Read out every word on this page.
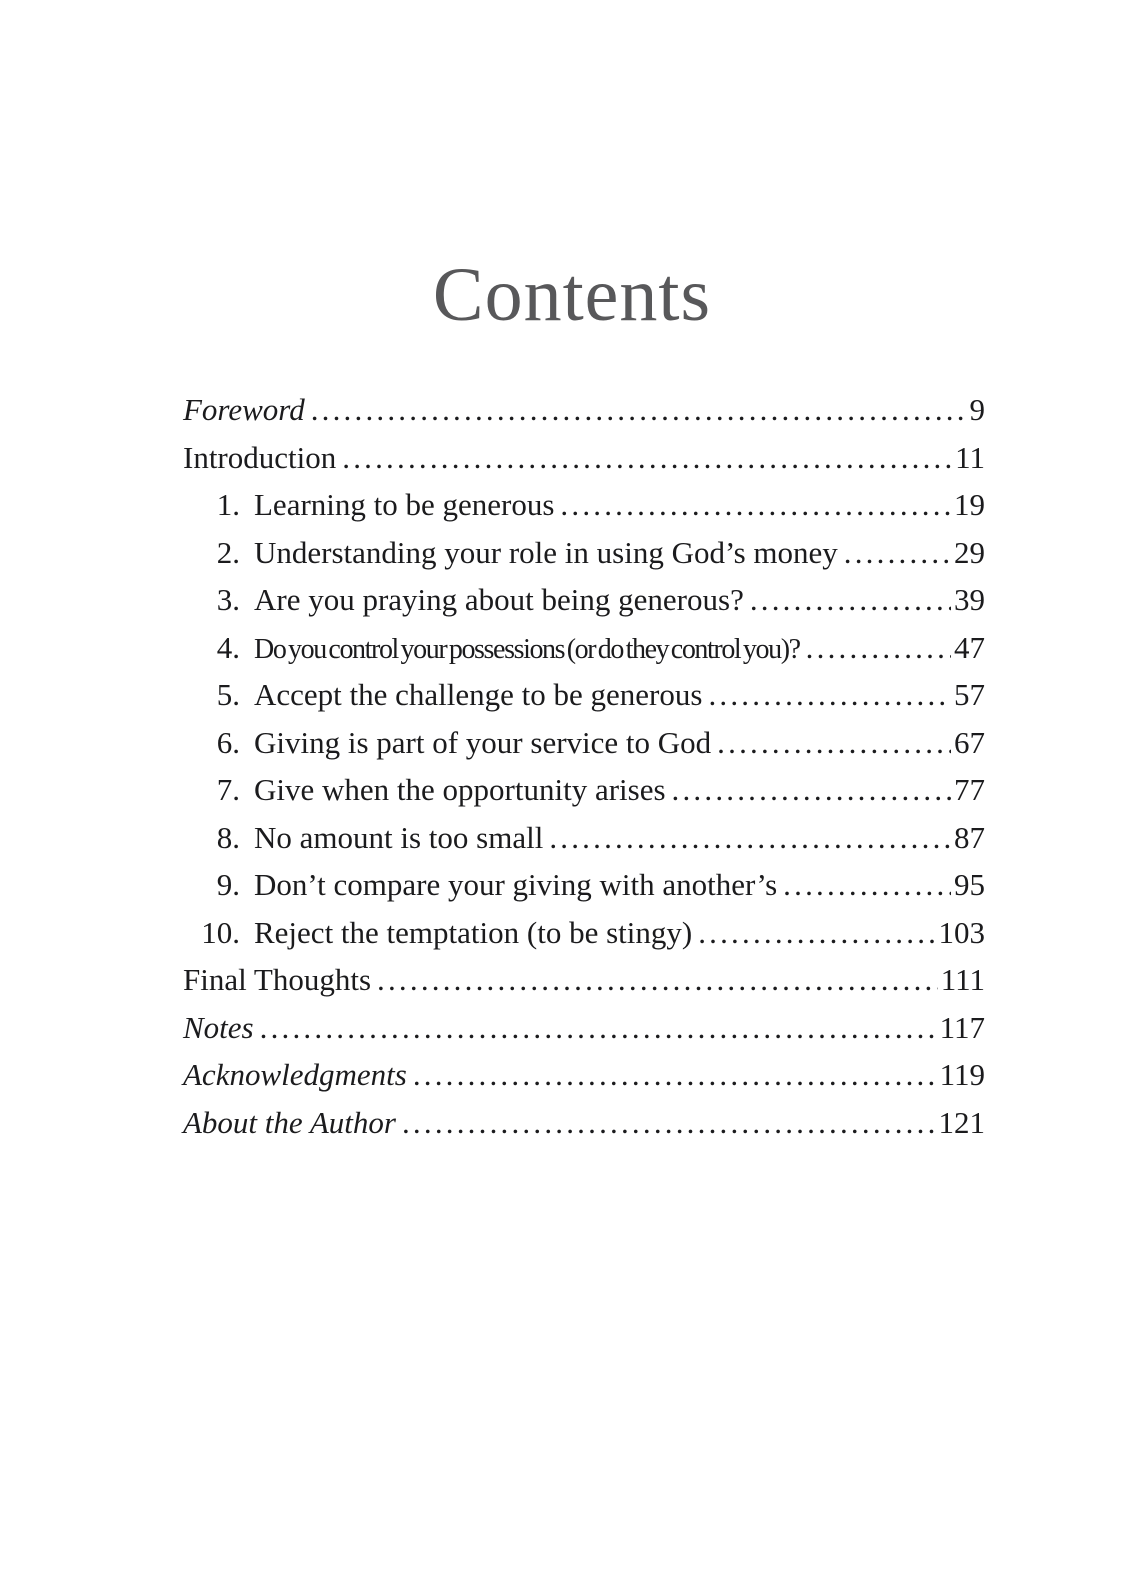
Contents
Foreword .....	9
Introduction .....	11
1. Learning to be generous .....	19
2. Understanding your role in using God’s money .....	29
3. Are you praying about being generous? .....	39
4. Do you control your possessions (or do they control you)? .....	47
5. Accept the challenge to be generous .....	57
6. Giving is part of your service to God .....	67
7. Give when the opportunity arises .....	77
8. No amount is too small .....	87
9. Don’t compare your giving with another’s .....	95
10. Reject the temptation (to be stingy) .....	103
Final Thoughts .....	111
Notes .....	117
Acknowledgments .....	119
About the Author .....	121
